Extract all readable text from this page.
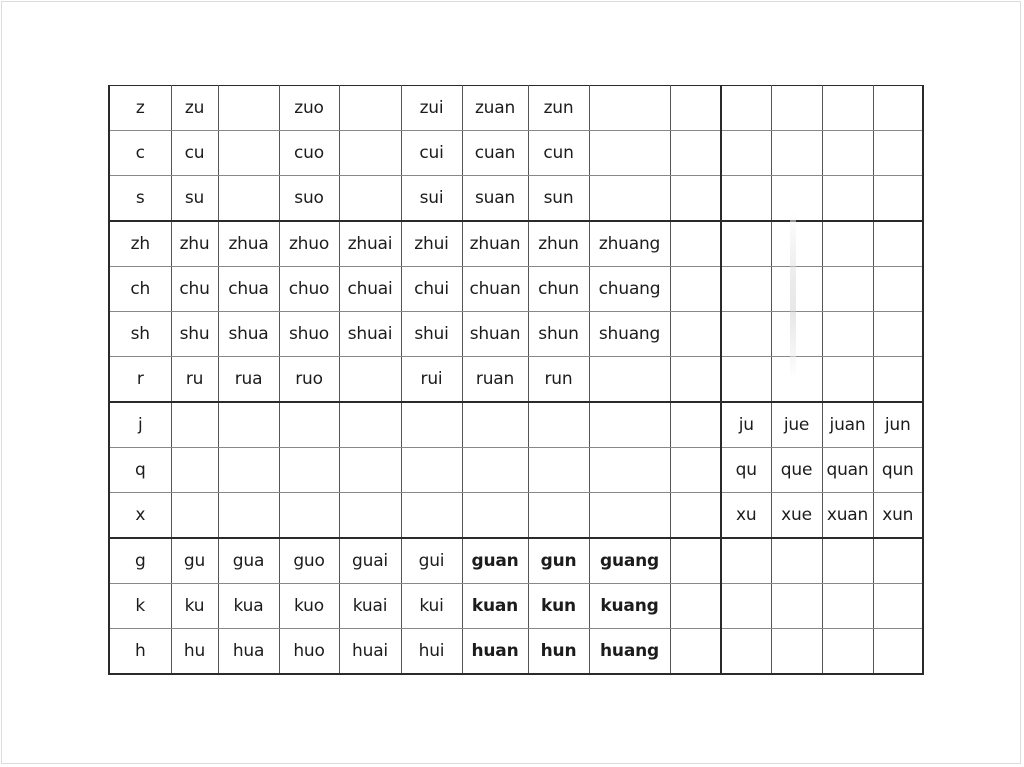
z	zu		zuo		zui	zuan	zun						
c	cu		cuo		cui	cuan	cun						
s	su		suo		sui	suan	sun						
zh	zhu	zhua	zhuo	zhuai	zhui	zhuan	zhun	zhuang					
ch	chu	chua	chuo	chuai	chui	chuan	chun	chuang					
sh	shu	shua	shuo	shuai	shui	shuan	shun	shuang					
r	ru	rua	ruo		rui	ruan	run						
j										ju	jue	juan	jun
q										qu	que	quan	qun
x										xu	xue	xuan	xun
g	gu	gua	guo	guai	gui	guan	gun	guang					
k	ku	kua	kuo	kuai	kui	kuan	kun	kuang					
h	hu	hua	huo	huai	hui	huan	hun	huang					
